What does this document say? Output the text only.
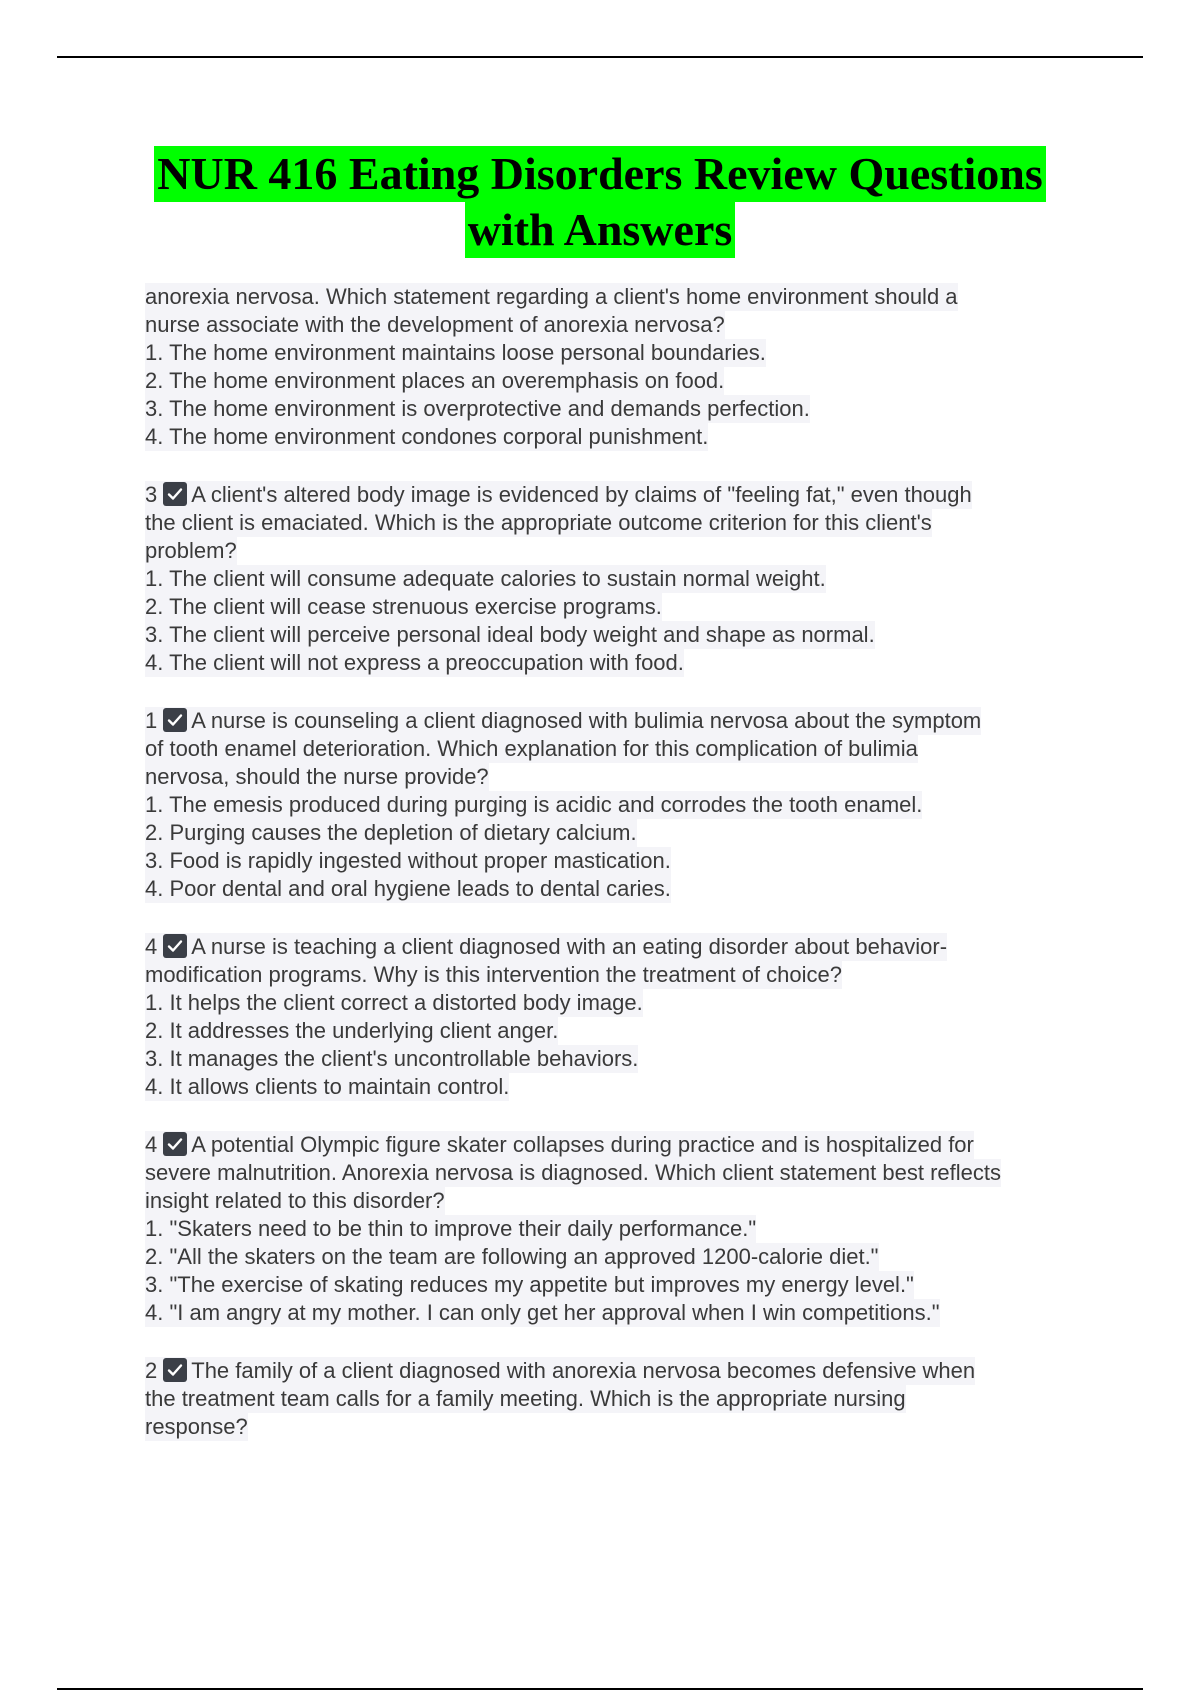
NUR 416 Eating Disorders Review Questions
with Answers
anorexia nervosa. Which statement regarding a client's home environment should a
nurse associate with the development of anorexia nervosa?
1. The home environment maintains loose personal boundaries.
2. The home environment places an overemphasis on food.
3. The home environment is overprotective and demands perfection.
4. The home environment condones corporal punishment.
3 A client's altered body image is evidenced by claims of "feeling fat," even though
the client is emaciated. Which is the appropriate outcome criterion for this client's
problem?
1. The client will consume adequate calories to sustain normal weight.
2. The client will cease strenuous exercise programs.
3. The client will perceive personal ideal body weight and shape as normal.
4. The client will not express a preoccupation with food.
1 A nurse is counseling a client diagnosed with bulimia nervosa about the symptom
of tooth enamel deterioration. Which explanation for this complication of bulimia
nervosa, should the nurse provide?
1. The emesis produced during purging is acidic and corrodes the tooth enamel.
2. Purging causes the depletion of dietary calcium.
3. Food is rapidly ingested without proper mastication.
4. Poor dental and oral hygiene leads to dental caries.
4 A nurse is teaching a client diagnosed with an eating disorder about behavior-
modification programs. Why is this intervention the treatment of choice?
1. It helps the client correct a distorted body image.
2. It addresses the underlying client anger.
3. It manages the client's uncontrollable behaviors.
4. It allows clients to maintain control.
4 A potential Olympic figure skater collapses during practice and is hospitalized for
severe malnutrition. Anorexia nervosa is diagnosed. Which client statement best reflects
insight related to this disorder?
1. "Skaters need to be thin to improve their daily performance."
2. "All the skaters on the team are following an approved 1200-calorie diet."
3. "The exercise of skating reduces my appetite but improves my energy level."
4. "I am angry at my mother. I can only get her approval when I win competitions."
2 The family of a client diagnosed with anorexia nervosa becomes defensive when
the treatment team calls for a family meeting. Which is the appropriate nursing
response?
